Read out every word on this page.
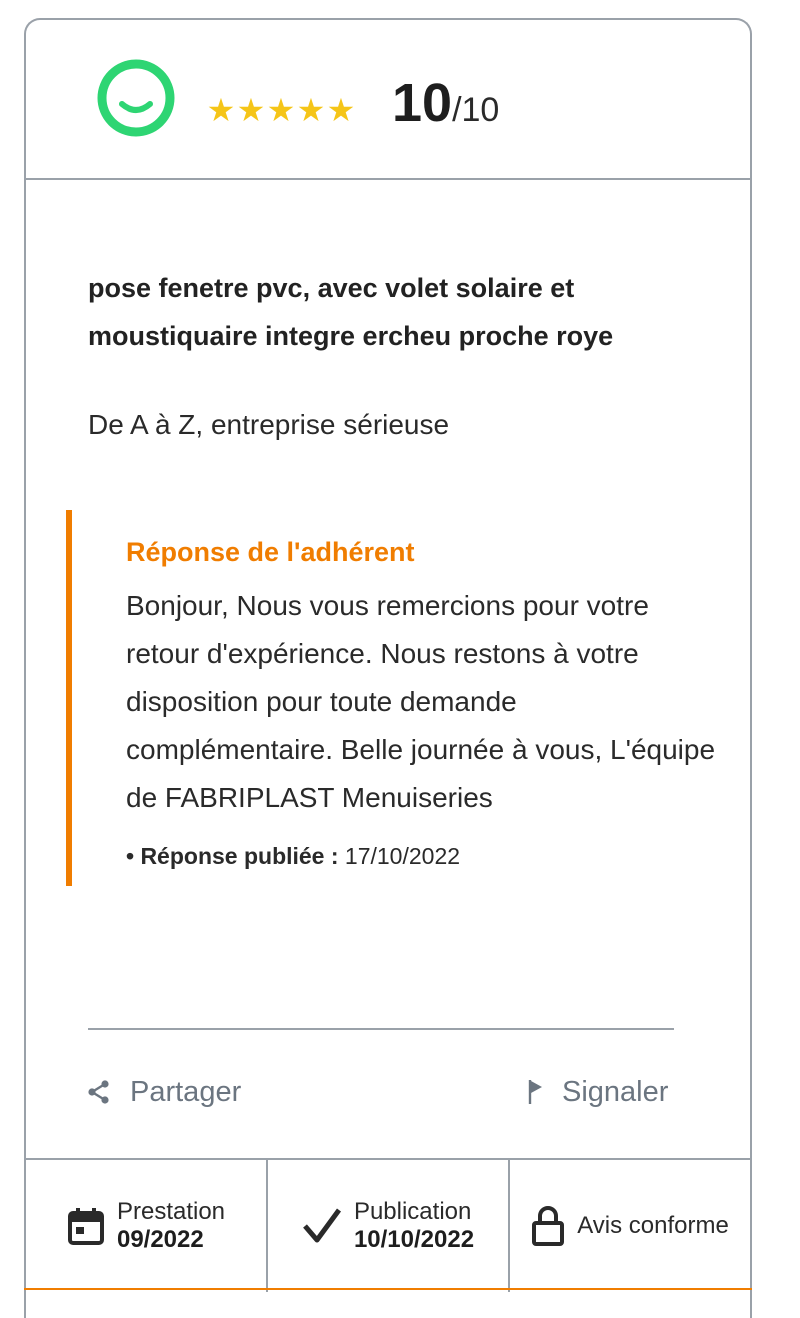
★★★★★ 10/10
pose fenetre pvc, avec volet solaire et moustiquaire integre ercheu proche roye
De A à Z, entreprise sérieuse
Réponse de l'adhérent
Bonjour, Nous vous remercions pour votre retour d'expérience. Nous restons à votre disposition pour toute demande complémentaire. Belle journée à vous, L'équipe de FABRIPLAST Menuiseries
• Réponse publiée : 17/10/2022
Partager	Signaler
Prestation
09/2022
Publication
10/10/2022
Avis conforme
